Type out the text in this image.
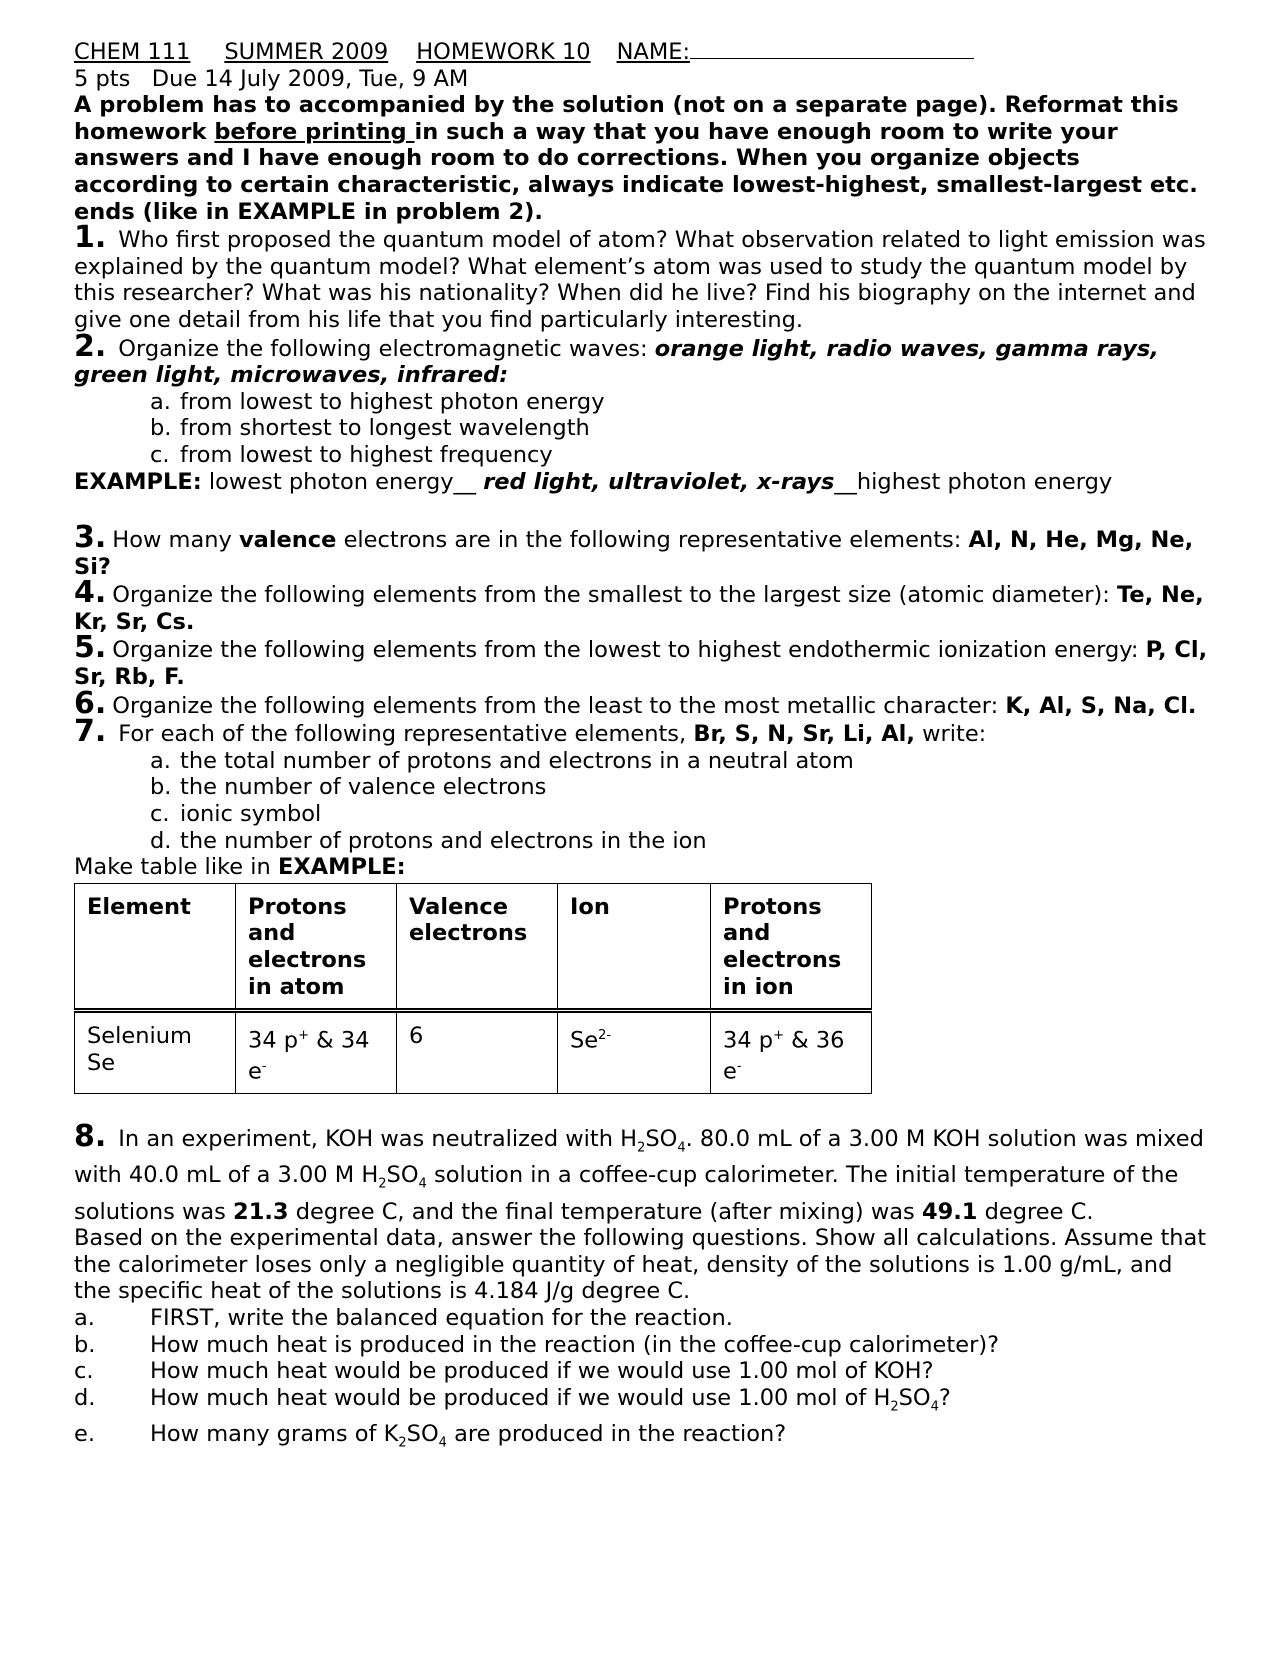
CHEM 111 SUMMER 2009 HOMEWORK 10 NAME:
5 pts   Due 14 July 2009, Tue, 9 AM

A problem has to accompanied by the solution (not on a separate page). Reformat this homework before printing in such a way that you have enough room to write your answers and I have enough room to do corrections. When you organize objects according to certain characteristic, always indicate lowest-highest, smallest-largest etc. ends (like in EXAMPLE in problem 2).

1. Who first proposed the quantum model of atom? What observation related to light emission was explained by the quantum model? What element’s atom was used to study the quantum model by this researcher? What was his nationality? When did he live? Find his biography on the internet and give one detail from his life that you find particularly interesting.

2. Organize the following electromagnetic waves: orange light, radio waves, gamma rays, green light, microwaves, infrared:

a. from lowest to highest photon energy
b. from shortest to longest wavelength
c. from lowest to highest frequency
EXAMPLE: lowest photon energy__ red light, ultraviolet, x-rays__highest photon energy

3. How many valence electrons are in the following representative elements: Al, N, He, Mg, Ne, Si?

4. Organize the following elements from the smallest to the largest size (atomic diameter): Te, Ne, Kr, Sr, Cs.

5. Organize the following elements from the lowest to highest endothermic ionization energy: P, Cl, Sr, Rb, F.

6. Organize the following elements from the least to the most metallic character: K, Al, S, Na, Cl.

7. For each of the following representative elements, Br, S, N, Sr, Li, Al, write:

a. the total number of protons and electrons in a neutral atom
b. the number of valence electrons
c. ionic symbol
d. the number of protons and electrons in the ion
Make table like in EXAMPLE:
Element	Protons and electrons in atom	Valence electrons	Ion	Protons and electrons in ion
Selenium
Se	34 p+ & 34 e-	6	$Se^{2-}$	34 p+ & 36 e-

8. In an experiment, KOH was neutralized with $H_2SO_4$. 80.0 mL of a 3.00 M KOH solution was mixed with 40.0 mL of a 3.00 M $H_2SO_4$ solution in a coffee-cup calorimeter. The initial temperature of the solutions was 21.3 degree C, and the final temperature (after mixing) was 49.1 degree C.

Based on the experimental data, answer the following questions. Show all calculations. Assume that the calorimeter loses only a negligible quantity of heat, density of the solutions is 1.00 g/mL, and the specific heat of the solutions is 4.184 J/g degree C.

a. FIRST, write the balanced equation for the reaction.
b. How much heat is produced in the reaction (in the coffee-cup calorimeter)?
c.	How much heat would be produced if we would use 1.00 mol of KOH?
d. How much heat would be produced if we would use 1.00 mol of $H_2SO_4$?
e. How many grams of $K_2SO_4$ are produced in the reaction?
